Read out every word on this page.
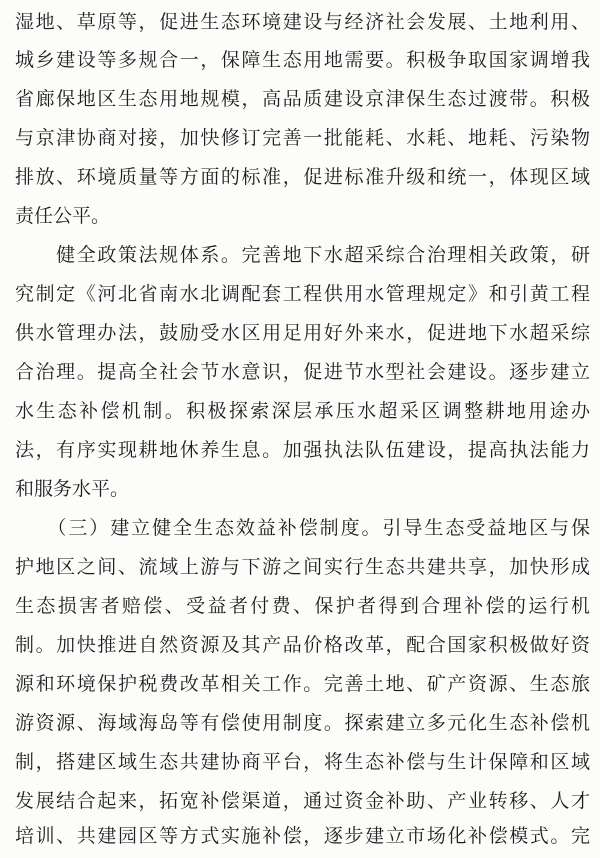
湿地、草原等，促进生态环境建设与经济社会发展、土地利用、
城乡建设等多规合一，保障生态用地需要。积极争取国家调增我
省廊保地区生态用地规模，高品质建设京津保生态过渡带。积极
与京津协商对接，加快修订完善一批能耗、水耗、地耗、污染物
排放、环境质量等方面的标准，促进标准升级和统一，体现区域
责任公平。
　　健全政策法规体系。完善地下水超采综合治理相关政策，研
究制定《河北省南水北调配套工程供用水管理规定》和引黄工程
供水管理办法，鼓励受水区用足用好外来水，促进地下水超采综
合治理。提高全社会节水意识，促进节水型社会建设。逐步建立
水生态补偿机制。积极探索深层承压水超采区调整耕地用途办
法，有序实现耕地休养生息。加强执法队伍建设，提高执法能力
和服务水平。
　　（三）建立健全生态效益补偿制度。引导生态受益地区与保
护地区之间、流域上游与下游之间实行生态共建共享，加快形成
生态损害者赔偿、受益者付费、保护者得到合理补偿的运行机
制。加快推进自然资源及其产品价格改革，配合国家积极做好资
源和环境保护税费改革相关工作。完善土地、矿产资源、生态旅
游资源、海域海岛等有偿使用制度。探索建立多元化生态补偿机
制，搭建区域生态共建协商平台，将生态补偿与生计保障和区域
发展结合起来，拓宽补偿渠道，通过资金补助、产业转移、人才
培训、共建园区等方式实施补偿，逐步建立市场化补偿模式。完
